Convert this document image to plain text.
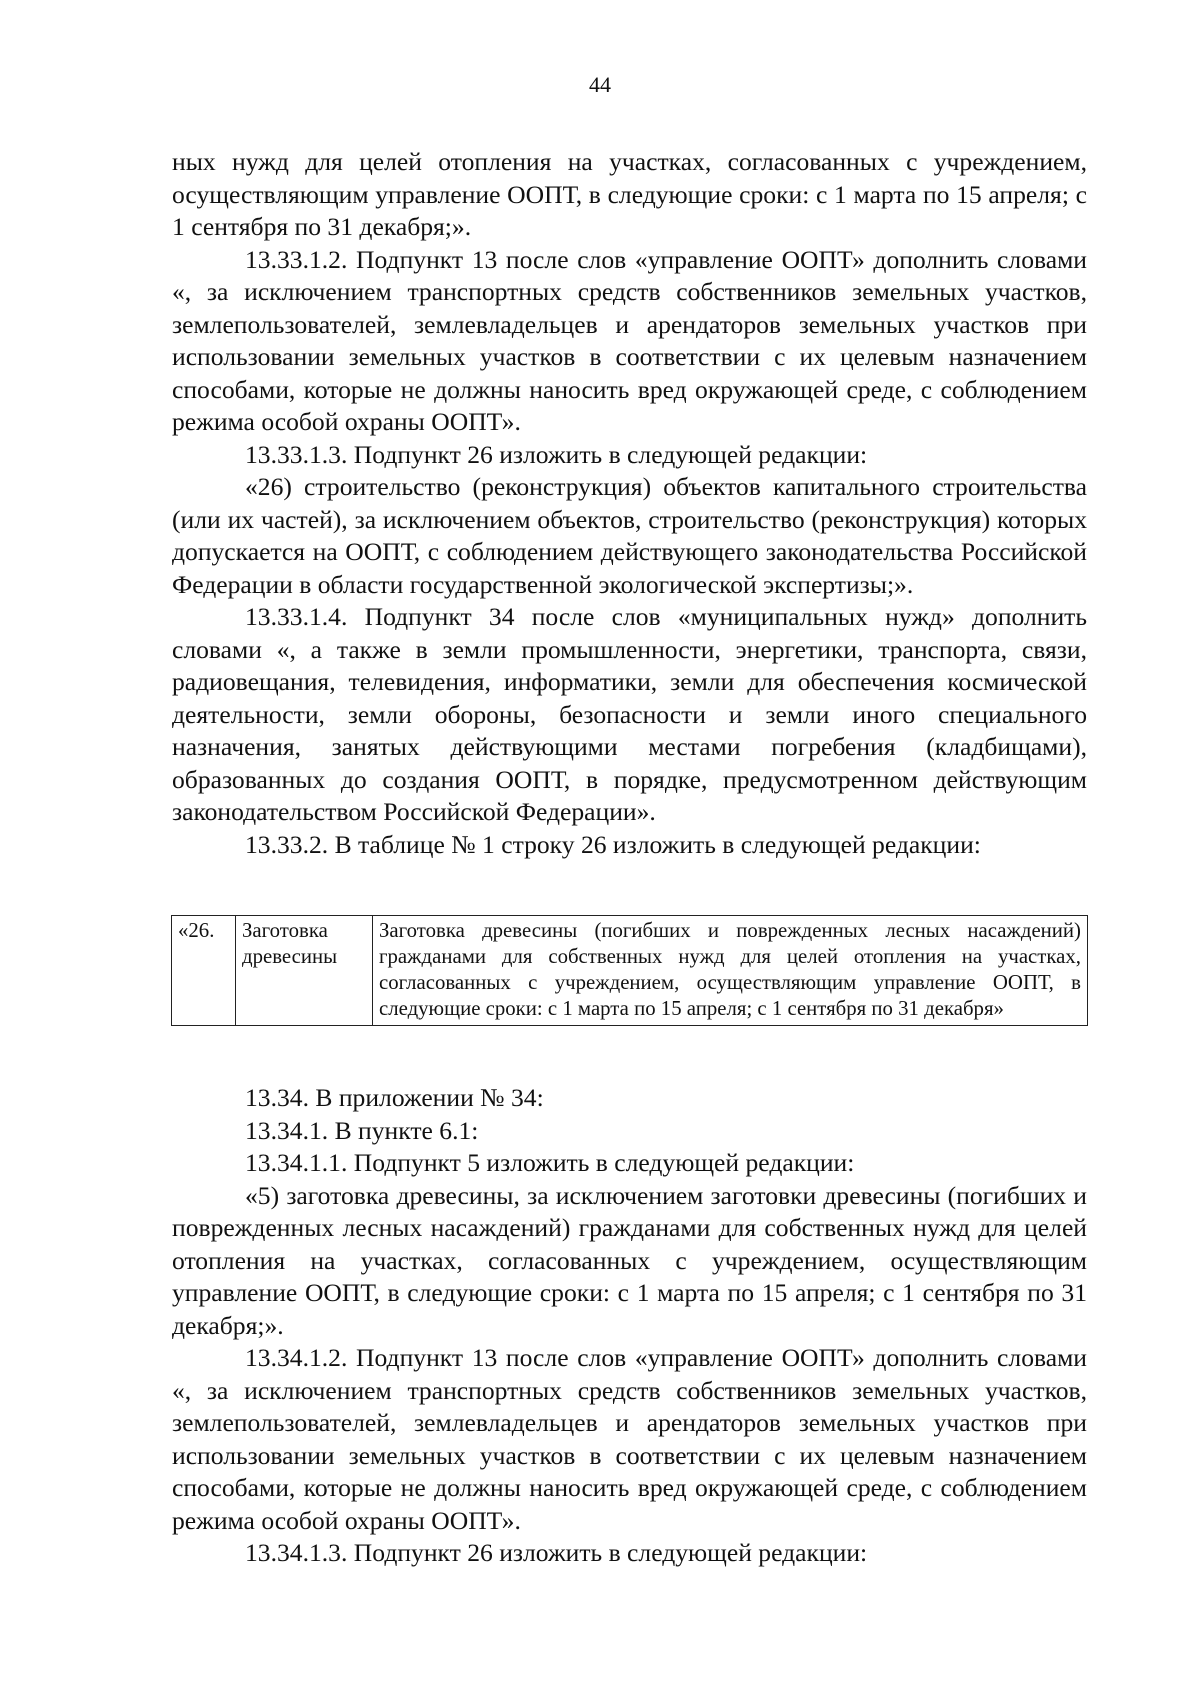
44

ных нужд для целей отопления на участках, согласованных с учреждением, осуществляющим управление ООПТ, в следующие сроки: с 1 марта по 15 апреля; с 1 сентября по 31 декабря;».

13.33.1.2. Подпункт 13 после слов «управление ООПТ» дополнить словами «, за исключением транспортных средств собственников земельных участков, землепользователей, землевладельцев и арендаторов земельных участков при использовании земельных участков в соответствии с их целевым назначением способами, которые не должны наносить вред окружающей среде, с соблюдением режима особой охраны ООПТ».

13.33.1.3. Подпункт 26 изложить в следующей редакции:

«26) строительство (реконструкция) объектов капитального строительства (или их частей), за исключением объектов, строительство (реконструкция) которых допускается на ООПТ, с соблюдением действующего законодательства Российской Федерации в области государственной экологической экспертизы;».

13.33.1.4. Подпункт 34 после слов «муниципальных нужд» дополнить словами «, а также в земли промышленности, энергетики, транспорта, связи, радиовещания, телевидения, информатики, земли для обеспечения космической деятельности, земли обороны, безопасности и земли иного специального назначения, занятых действующими местами погребения (кладбищами), образованных до создания ООПТ, в порядке, предусмотренном действующим законодательством Российской Федерации».

13.33.2. В таблице № 1 строку 26 изложить в следующей редакции:

«26.	Заготовка древесины	Заготовка древесины (погибших и поврежденных лесных насаждений) гражданами для собственных нужд для целей отопления на участках, согласованных с учреждением, осуществляющим управление ООПТ, в следующие сроки: с 1 марта по 15 апреля; с 1 сентября по 31 декабря»

13.34. В приложении № 34:

13.34.1. В пункте 6.1:

13.34.1.1. Подпункт 5 изложить в следующей редакции:

«5) заготовка древесины, за исключением заготовки древесины (погибших и поврежденных лесных насаждений) гражданами для собственных нужд для целей отопления на участках, согласованных с учреждением, осуществляющим управление ООПТ, в следующие сроки: с 1 марта по 15 апреля; с 1 сентября по 31 декабря;».

13.34.1.2. Подпункт 13 после слов «управление ООПТ» дополнить словами «, за исключением транспортных средств собственников земельных участков, землепользователей, землевладельцев и арендаторов земельных участков при использовании земельных участков в соответствии с их целевым назначением способами, которые не должны наносить вред окружающей среде, с соблюдением режима особой охраны ООПТ».

13.34.1.3. Подпункт 26 изложить в следующей редакции:
